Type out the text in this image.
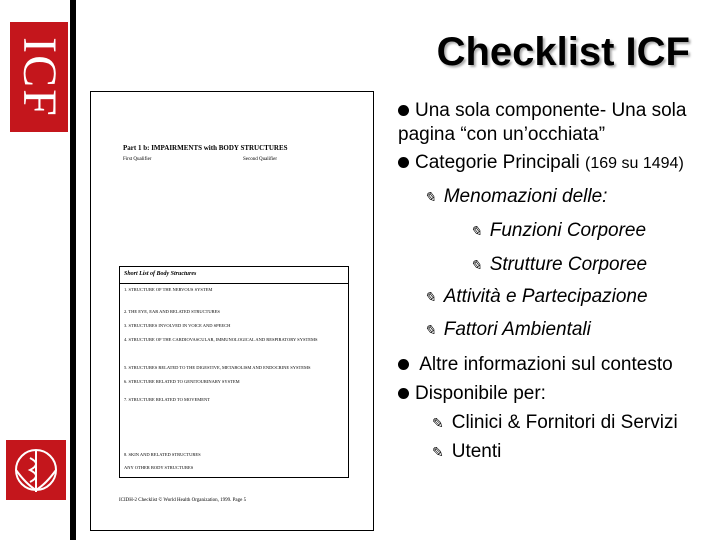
ICF	Checklist ICF
Part 1 b: IMPAIRMENTS with BODY STRUCTURES
First Qualifier	Second Qualifier
Short List of Body Structures
1. STRUCTURE OF THE NERVOUS SYSTEM
2. THE EYE, EAR AND RELATED STRUCTURES
3. STRUCTURES INVOLVED IN VOICE AND SPEECH
4. STRUCTURE OF THE CARDIOVASCULAR, IMMUNOLOGICAL AND RESPIRATORY SYSTEMS
5. STRUCTURES RELATED TO THE DIGESTIVE, METABOLISM AND ENDOCRINE SYSTEMS
6. STRUCTURE RELATED TO GENITOURINARY SYSTEM
7. STRUCTURE RELATED TO MOVEMENT
8. SKIN AND RELATED STRUCTURES
ANY OTHER BODY STRUCTURES
ICIDH-2 Checklist © World Health Organization, 1999. Page 5
Una sola componente- Una sola
pagina “con un’occhiata”
Categorie Principali (169 su 1494)
✎ Menomazioni delle:
✎ Funzioni Corporee
✎ Strutture Corporee
✎ Attività e Partecipazione
✎ Fattori Ambientali
Altre informazioni sul contesto
Disponibile per:
✎ Clinici & Fornitori di Servizi
✎ Utenti
